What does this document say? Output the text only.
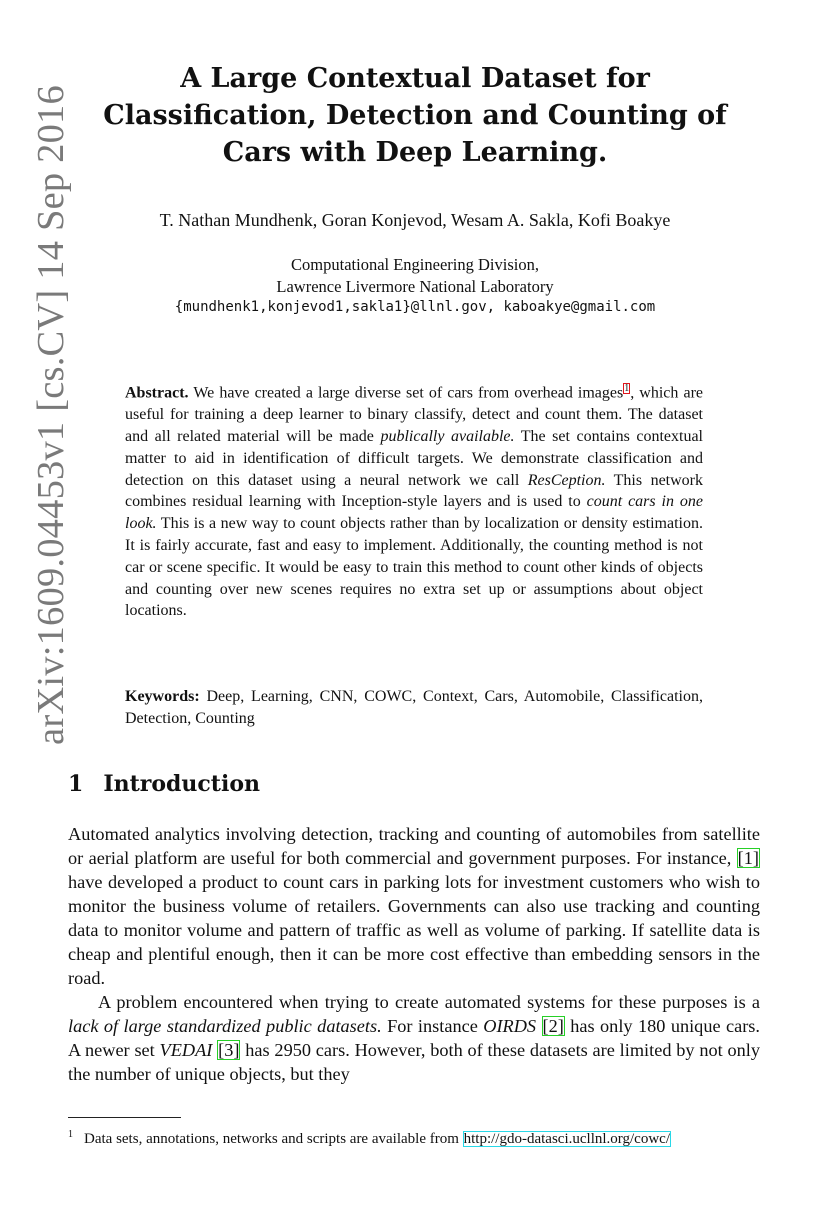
arXiv:1609.04453v1 [cs.CV] 14 Sep 2016
A Large Contextual Dataset for Classification, Detection and Counting of Cars with Deep Learning.

T. Nathan Mundhenk, Goran Konjevod, Wesam A. Sakla, Kofi Boakye

Computational Engineering Division,
Lawrence Livermore National Laboratory
{mundhenk1,konjevod1,sakla1}@llnl.gov, kaboakye@gmail.com

Abstract. We have created a large diverse set of cars from overhead images$^1$, which are useful for training a deep learner to binary classify, detect and count them. The dataset and all related material will be made publically available. The set contains contextual matter to aid in identification of difficult targets. We demonstrate classification and detection on this dataset using a neural network we call ResCeption. This network combines residual learning with Inception-style layers and is used to count cars in one look. This is a new way to count objects rather than by localization or density estimation. It is fairly accurate, fast and easy to implement. Additionally, the counting method is not car or scene specific. It would be easy to train this method to count other kinds of objects and counting over new scenes requires no extra set up or assumptions about object locations.

Keywords: Deep, Learning, CNN, COWC, Context, Cars, Automobile, Classification, Detection, Counting

1 Introduction

Automated analytics involving detection, tracking and counting of automobiles from satellite or aerial platform are useful for both commercial and government purposes. For instance, [1] have developed a product to count cars in parking lots for investment customers who wish to monitor the business volume of retailers. Governments can also use tracking and counting data to monitor volume and pattern of traffic as well as volume of parking. If satellite data is cheap and plentiful enough, then it can be more cost effective than embedding sensors in the road.

A problem encountered when trying to create automated systems for these purposes is a lack of large standardized public datasets. For instance OIRDS [2] has only 180 unique cars. A newer set VEDAI [3] has 2950 cars. However, both of these datasets are limited by not only the number of unique objects, but they

$^1$ Data sets, annotations, networks and scripts are available from http://gdo-datasci.ucllnl.org/cowc/
